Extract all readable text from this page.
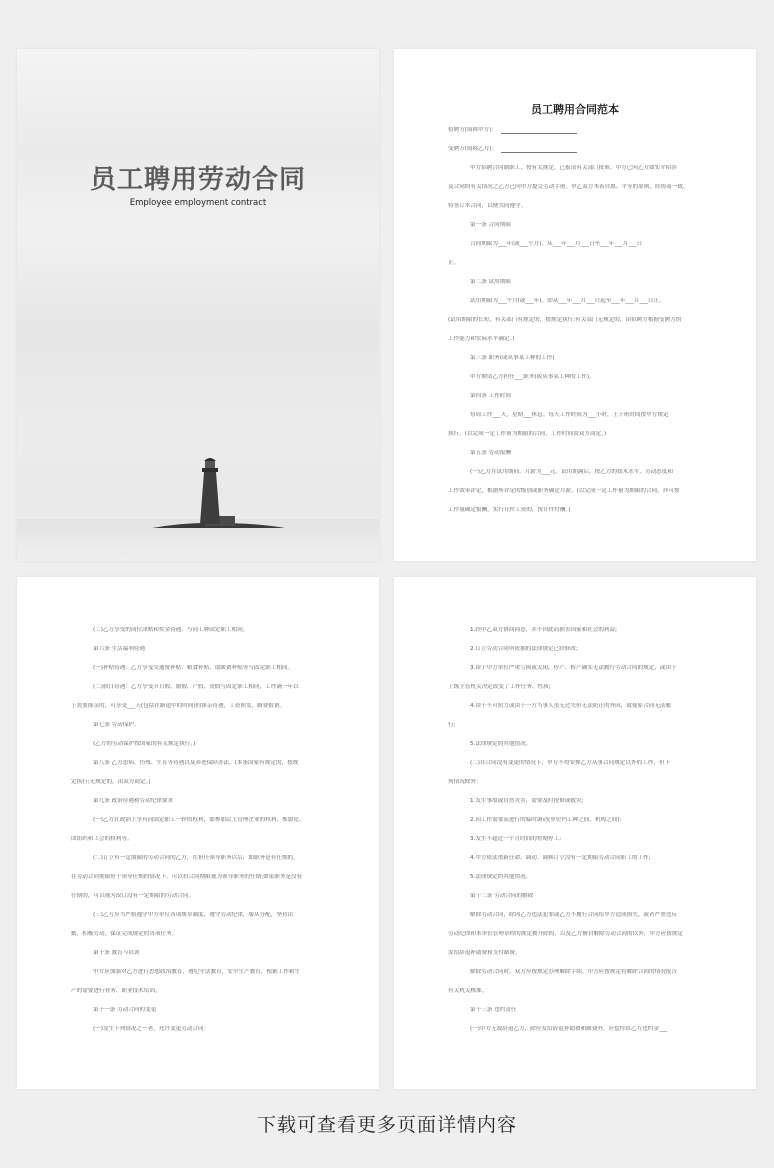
员工聘用劳动合同
Employee employment contract
员工聘用合同范本
招聘方(简称甲方)：
受聘方(简称乙方)：
甲方招聘合同制职工，按有关规定，已报请有关部门批准。甲方已向乙方如实介绍涉
及合同的有关情况之乙方已向甲方提交劳动手册。甲乙双方本着自愿、平等的原则，经协商一致，
特签订本合同，以便共同遵守。
第一条 合同期限
合同期限为___年(或___个月)。从___年___月___日至___年___月___日
止。
第二条 试用期限
试用期限为___个月(或___年)。即从___年___月___日起至___年___月___日止。
(试用期限的长短，有关部门有规定的，按规定执行;有关部门无规定的，由招聘方根据受聘方的
工作能力和实际水平确定。)
第三条 职务(或从事某工种的工作)
甲方聘请乙方担任___职务(或从事某工种的工作)。
第四条 工作时间
每周工作___天，星期___休息。每天工作时间为___小时，上下班时间按甲方规定
执行。(以完成一定工作量为期限的合同，工作时间由双方商定。)
第五条 劳动报酬
(一)乙方在试用期间，月薪为___元。试用期满后，按乙方的技术水平、劳动态度和
工作效率评定，根据所评定的级别或职务确定月薪。(以完成一定工作量为期限的合同，亦可按
工作量确定报酬，实行计件工资的，按计件付酬。)
(二)乙方享受的岗位津贴和奖金待遇，与同工种固定职工相同。
第六条 生活福利待遇
(一)补贴待遇：乙方享受交通费补贴、粮食补贴、取暖费补贴等与固定职工相同。
(二)假日待遇：乙方享受节日假、婚假、产假、丧假与固定职工相同，工作满一年以
上需要探亲的，可享受___天(包括在路途中的时间)的探亲待遇，工资照发，路费报销。
第七条 劳动保护。
(乙方的劳动保护按国家的有关规定执行。)
第八条 乙方患病、伤残、生育等待遇以及养老保险办法。(本条国家有规定的，按规
定执行;无规定的，由双方商定。)
第九条 政治待遇和劳动纪律要求
(一)乙方在政治上享有同固定职工一样的权利，如参加民主管理企业的权利，参加党、
团组织和工会的权利等。
(二)订立有一定期限的劳动合同的乙方，在担任领导职务以后，如职务是有任期的，
在劳动合同期限短于领导任期的情况下，可以将合同期限视为领导职务的任期;如果职务是没有
任期的，可以视为改订没有一定期限的劳动合同。
(三)乙方应当严格遵守甲方单位各项规章制度，遵守劳动纪律，服从分配，坚持出
勤，积极劳动，保证完成规定的各项任务。
第十条 教育与培训
甲方应加强对乙方进行思想政治教育，遵纪守法教育，安全生产教育，根据工作和生
产的需要进行业务、职业技术培训。
第十一条 劳动合同的变更
(一)发生下列情况之一者，允许变更劳动合同：
1.经甲乙双方协商同意，并不因此而损害国家和社会的利益;
2.订立劳动合同所依据的法律规定已经修改;
3.由于甲方单位严重亏损或关闭、停产、转产确实无法履行劳动合同的规定，或由于
上级主管机关决定改变了工作任务、性质;
4.由于不可抗力或由于一方当事人虽无过失但无法防止的外因，致使原合同无法履
行;
5.法律规定的其他情况。
(二)在合同没有变更的情况下，甲方不得安排乙方从事合同规定以外的工作，但下
列情况除外：
1.发生事故或自然灾害，需要及时抢修或救灾;
2.因工作需要而进行的临时调动(单位内工种之间、机构之间);
3.发生不超过一个月时间的短期停工;
4.甲方依法重新任命、调动、调换订立没有一定期限劳动合同职工的工作;
5.法律规定的其他情况。
第十二条 劳动合同的解除
解除劳动合同，除因乙方违法犯罪或乙方不履行合同给甲方造成损失，或者严重违反
劳动纪律和本单位管理章程的规定被开除的，以及乙方擅自解除劳动合同的以外，甲方应按规定
发给辞退补助费和支付路费。
解除劳动合同时，双方应按规定办理解除手续。甲方应按规定将解除合同的情况报告
有关机关核准。
第十三条 违约责任
(一)甲方无故辞退乙方，除应发给辞退补助费和路费外，应偿付给乙方违约金___
下载可查看更多页面详情内容
